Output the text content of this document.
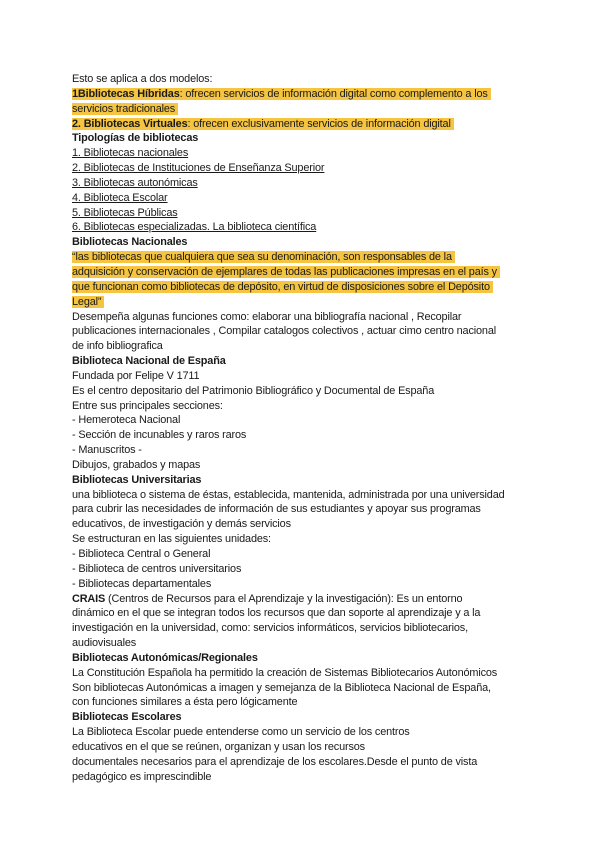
Esto se aplica a dos modelos:
1Bibliotecas Híbridas: ofrecen servicios de información digital como complemento a los
servicios tradicionales
2. Bibliotecas Virtuales: ofrecen exclusivamente servicios de información digital
Tipologías de bibliotecas
1. Bibliotecas nacionales
2. Bibliotecas de Instituciones de Enseñanza Superior
3. Bibliotecas autonómicas
4. Biblioteca Escolar
5. Bibliotecas Públicas
6. Bibliotecas especializadas. La biblioteca científica
Bibliotecas Nacionales
“las bibliotecas que cualquiera que sea su denominación, son responsables de la
adquisición y conservación de ejemplares de todas las publicaciones impresas en el país y
que funcionan como bibliotecas de depósito, en virtud de disposiciones sobre el Depósito
Legal”
Desempeña algunas funciones como: elaborar una bibliografía nacional , Recopilar
publicaciones internacionales , Compilar catalogos colectivos , actuar cimo centro nacional
de info bibliografica
Biblioteca Nacional de España
Fundada por Felipe V 1711
Es el centro depositario del Patrimonio Bibliográfico y Documental de España
Entre sus principales secciones:
- Hemeroteca Nacional
- Sección de incunables y raros raros
- Manuscritos -
Dibujos, grabados y mapas
Bibliotecas Universitarias
una biblioteca o sistema de éstas, establecida, mantenida, administrada por una universidad
para cubrir las necesidades de información de sus estudiantes y apoyar sus programas
educativos, de investigación y demás servicios
Se estructuran en las siguientes unidades:
- Biblioteca Central o General
- Biblioteca de centros universitarios
- Bibliotecas departamentales
CRAIS (Centros de Recursos para el Aprendizaje y la investigación): Es un entorno
dinámico en el que se integran todos los recursos que dan soporte al aprendizaje y a la
investigación en la universidad, como: servicios informáticos, servicios bibliotecarios,
audiovisuales
Bibliotecas Autonómicas/Regionales
La Constitución Española ha permitido la creación de Sistemas Bibliotecarios Autonómicos
Son bibliotecas Autonómicas a imagen y semejanza de la Biblioteca Nacional de España,
con funciones similares a ésta pero lógicamente
Bibliotecas Escolares
La Biblioteca Escolar puede entenderse como un servicio de los centros
educativos en el que se reúnen, organizan y usan los recursos
documentales necesarios para el aprendizaje de los escolares.Desde el punto de vista
pedagógico es imprescindible
